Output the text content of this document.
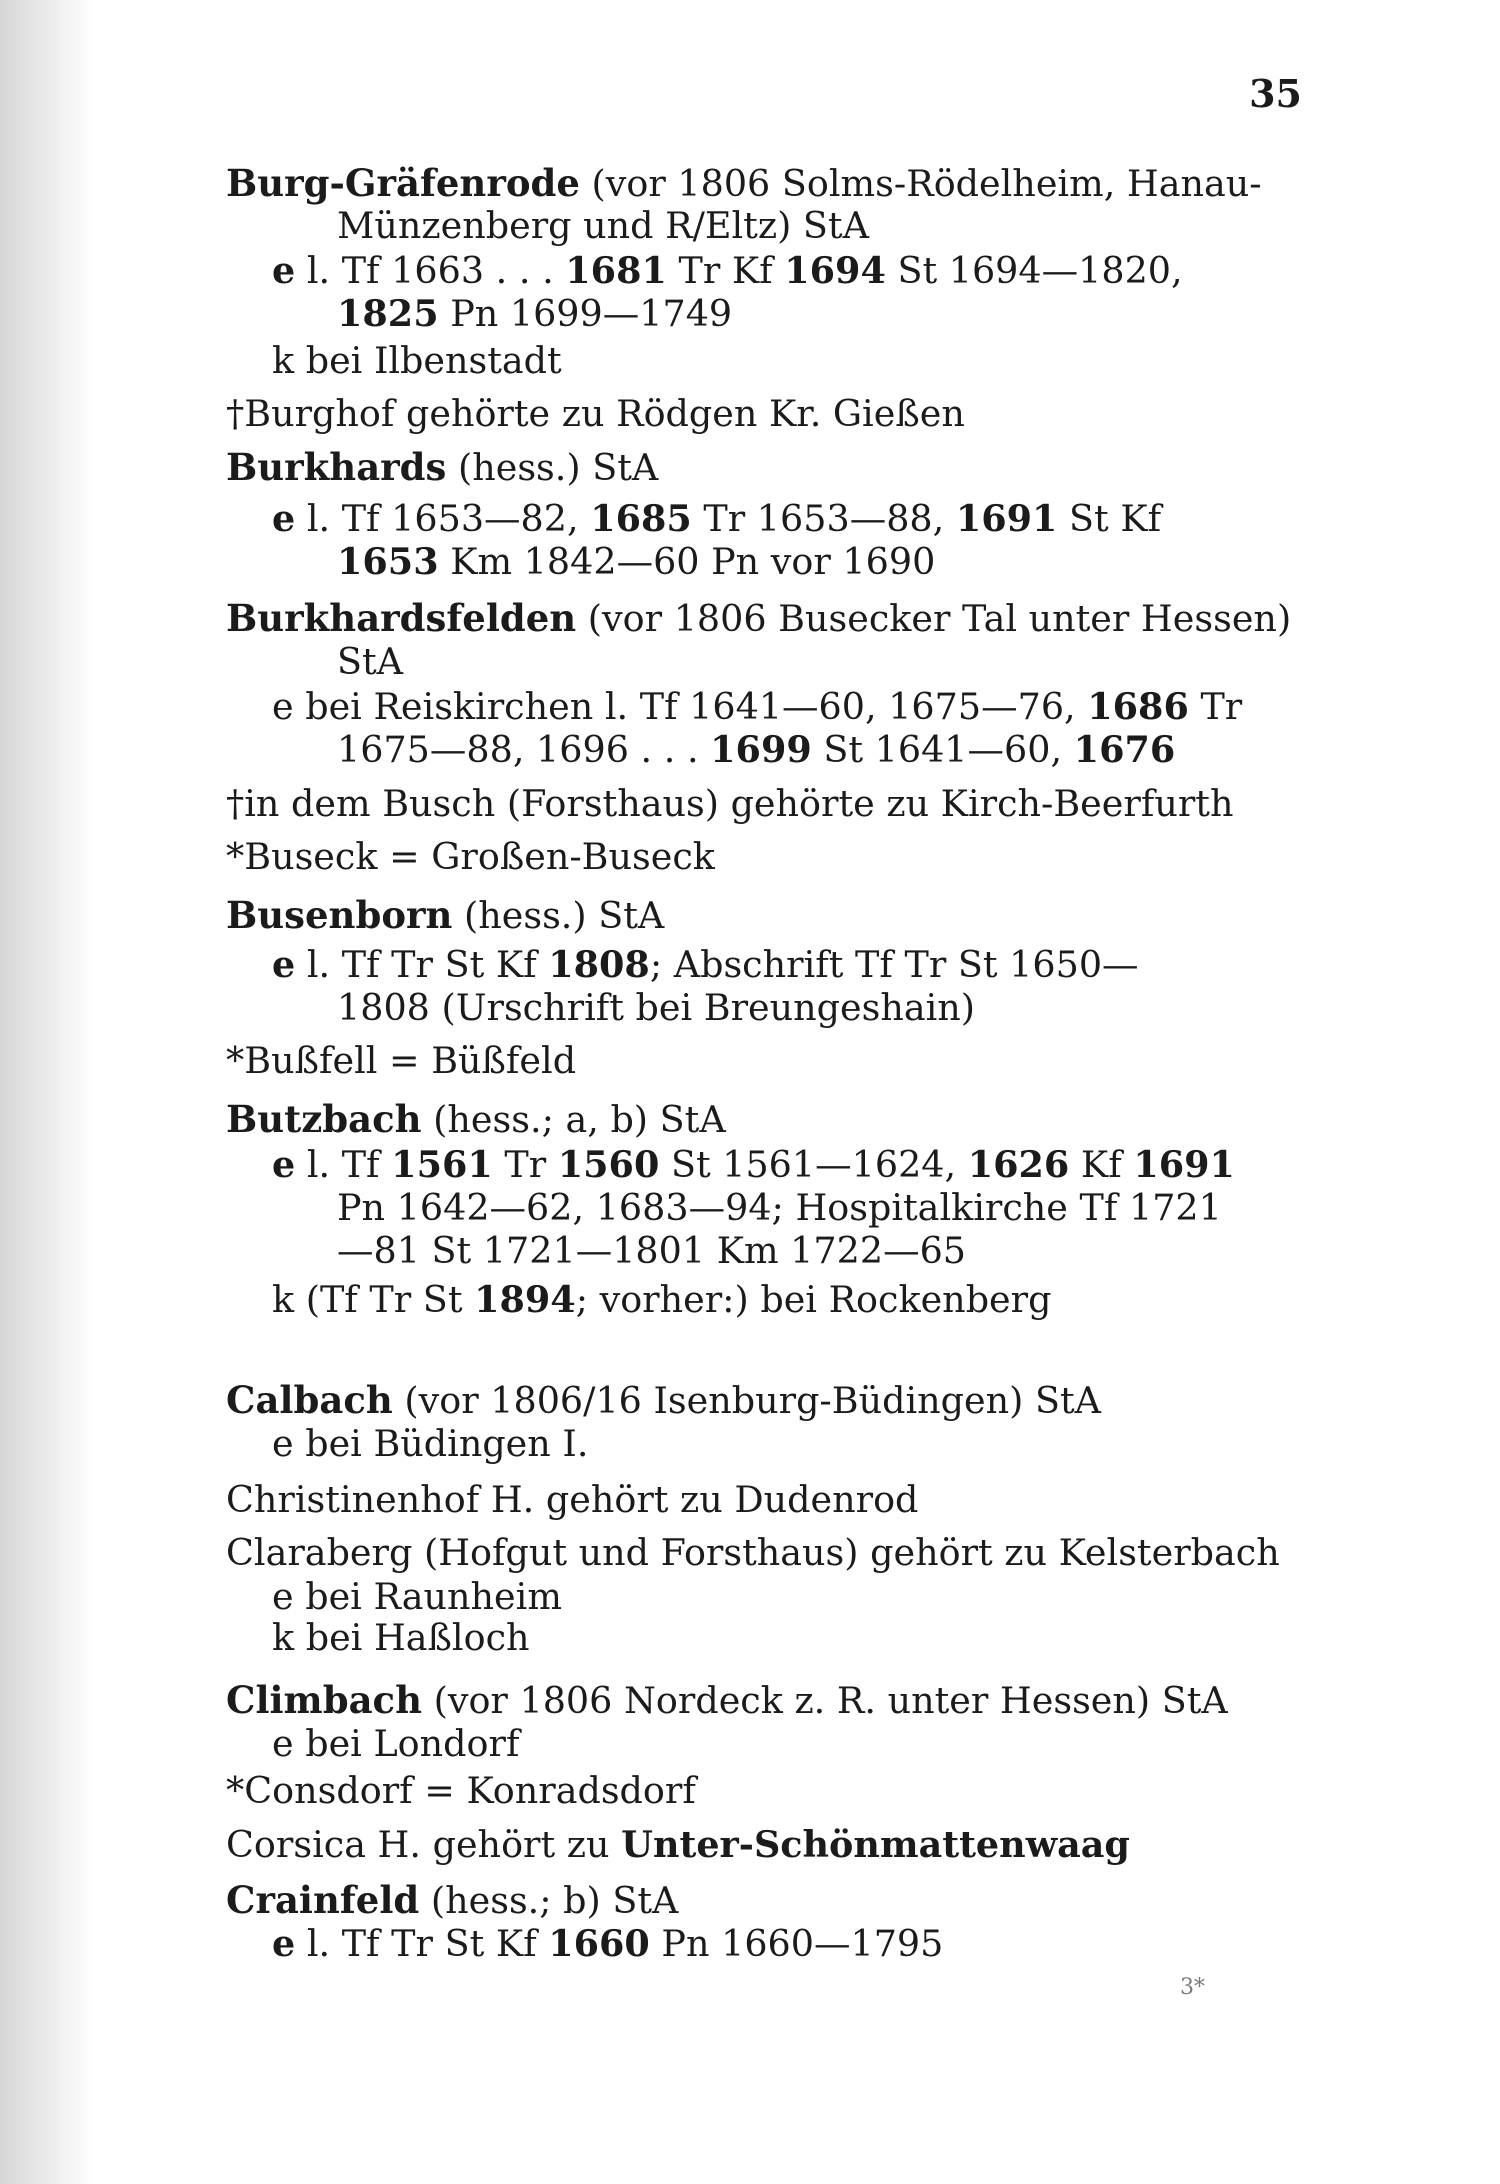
35
Burg-Gräfenrode (vor 1806 Solms-Rödelheim, Hanau-
Münzenberg und R/Eltz) StA
e l. Tf 1663 . . . 1681 Tr Kf 1694 St 1694—1820,
1825 Pn 1699—1749
k bei Ilbenstadt
†Burghof gehörte zu Rödgen Kr. Gießen
Burkhards (hess.) StA
e l. Tf 1653—82, 1685 Tr 1653—88, 1691 St Kf
1653 Km 1842—60 Pn vor 1690
Burkhardsfelden (vor 1806 Busecker Tal unter Hessen)
StA
e bei Reiskirchen l. Tf 1641—60, 1675—76, 1686 Tr
1675—88, 1696 . . . 1699 St 1641—60, 1676
†in dem Busch (Forsthaus) gehörte zu Kirch-Beerfurth
*Buseck = Großen-Buseck
Busenborn (hess.) StA
e l. Tf Tr St Kf 1808; Abschrift Tf Tr St 1650—
1808 (Urschrift bei Breungeshain)
*Bußfell = Büßfeld
Butzbach (hess.; a, b) StA
e l. Tf 1561 Tr 1560 St 1561—1624, 1626 Kf 1691
Pn 1642—62, 1683—94; Hospitalkirche Tf 1721
—81 St 1721—1801 Km 1722—65
k (Tf Tr St 1894; vorher:) bei Rockenberg
Calbach (vor 1806/16 Isenburg-Büdingen) StA
e bei Büdingen I.
Christinenhof H. gehört zu Dudenrod
Claraberg (Hofgut und Forsthaus) gehört zu Kelsterbach
e bei Raunheim
k bei Haßloch
Climbach (vor 1806 Nordeck z. R. unter Hessen) StA
e bei Londorf
*Consdorf = Konradsdorf
Corsica H. gehört zu Unter-Schönmattenwaag
Crainfeld (hess.; b) StA
e l. Tf Tr St Kf 1660 Pn 1660—1795
3*
